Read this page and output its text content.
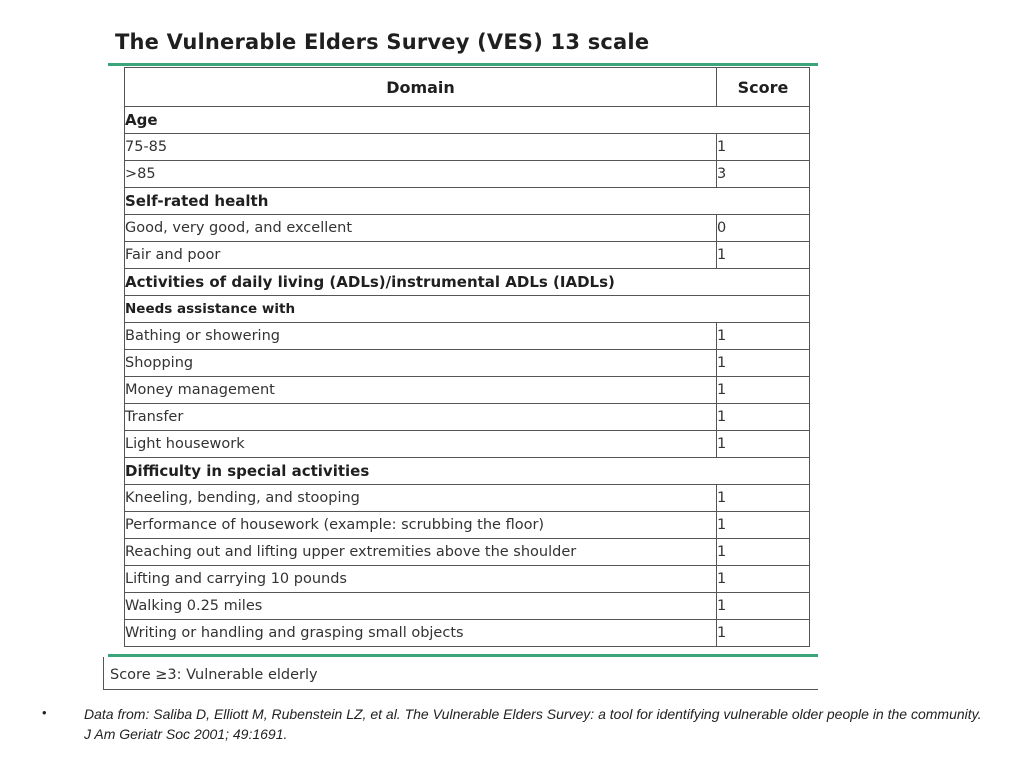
The Vulnerable Elders Survey (VES) 13 scale
Domain	Score
Age	
75-85	1
>85	3
Self-rated health	
Good, very good, and excellent	0
Fair and poor	1
Activities of daily living (ADLs)/instrumental ADLs (IADLs)	
Needs assistance with	
Bathing or showering	1
Shopping	1
Money management	1
Transfer	1
Light housework	1
Difficulty in special activities	
Kneeling, bending, and stooping	1
Performance of housework (example: scrubbing the floor)	1
Reaching out and lifting upper extremities above the shoulder	1
Lifting and carrying 10 pounds	1
Walking 0.25 miles	1
Writing or handling and grasping small objects	1
Score ≥3: Vulnerable elderly
•	Data from: Saliba D, Elliott M, Rubenstein LZ, et al. The Vulnerable Elders Survey: a tool for identifying vulnerable older people in the community. J Am Geriatr Soc 2001; 49:1691.
